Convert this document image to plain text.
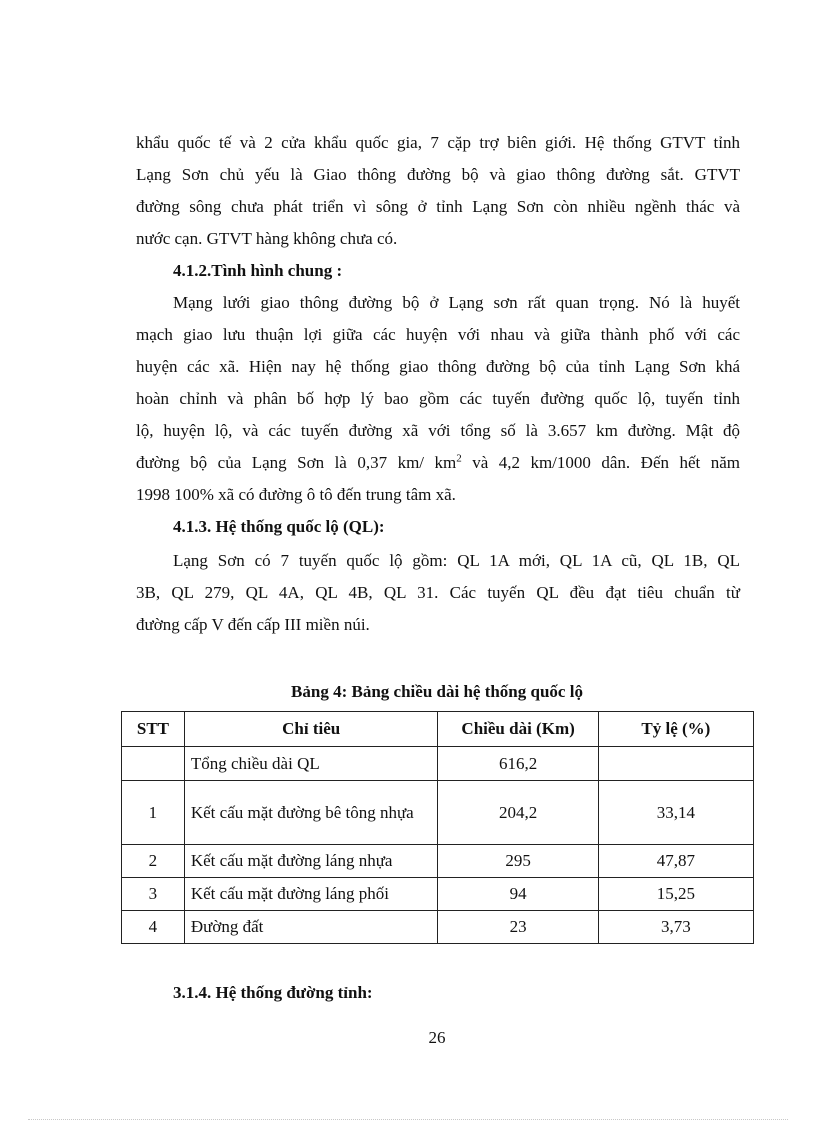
khẩu quốc tế và 2 cửa khẩu quốc gia, 7 cặp trợ biên giới. Hệ thống GTVT tỉnh
Lạng Sơn chủ yếu là Giao thông đường bộ và giao thông đường sắt. GTVT
đường sông chưa phát triển vì sông ở tỉnh Lạng Sơn còn nhiều ngềnh thác và
nước cạn. GTVT hàng không chưa có.
4.1.2.Tình hình chung :
Mạng lưới giao thông đường bộ ở Lạng sơn rất quan trọng. Nó là huyết
mạch giao lưu thuận lợi giữa các huyện với nhau và giữa thành phố với các
huyện các xã. Hiện nay hệ thống giao thông đường bộ của tỉnh Lạng Sơn khá
hoàn chỉnh và phân bố hợp lý bao gồm các tuyến đường quốc lộ, tuyến tỉnh
lộ, huyện lộ, và các tuyến đường xã với tổng số là 3.657 km đường. Mật độ
đường bộ của Lạng Sơn là 0,37 km/ $km^2$ và 4,2 km/1000 dân. Đến hết năm
1998 100% xã có đường ô tô đến trung tâm xã.
4.1.3. Hệ thống quốc lộ (QL):
Lạng Sơn có 7 tuyến quốc lộ gồm: QL 1A mới, QL 1A cũ, QL 1B, QL
3B, QL 279, QL 4A, QL 4B, QL 31. Các tuyến QL đều đạt tiêu chuẩn từ
đường cấp V đến cấp III miền núi.
Bảng 4: Bảng chiều dài hệ thống quốc lộ
STT	Chỉ tiêu	Chiều dài (Km)	Tỷ lệ (%)
	Tổng chiều dài QL	616,2	
1	Kết cấu mặt đường bê tông nhựa	204,2	33,14
2	Kết cấu mặt đường láng nhựa	295	47,87
3	Kết cấu mặt đường láng phối	94	15,25
4	Đường đất	23	3,73
3.1.4. Hệ thống đường tỉnh:
26
